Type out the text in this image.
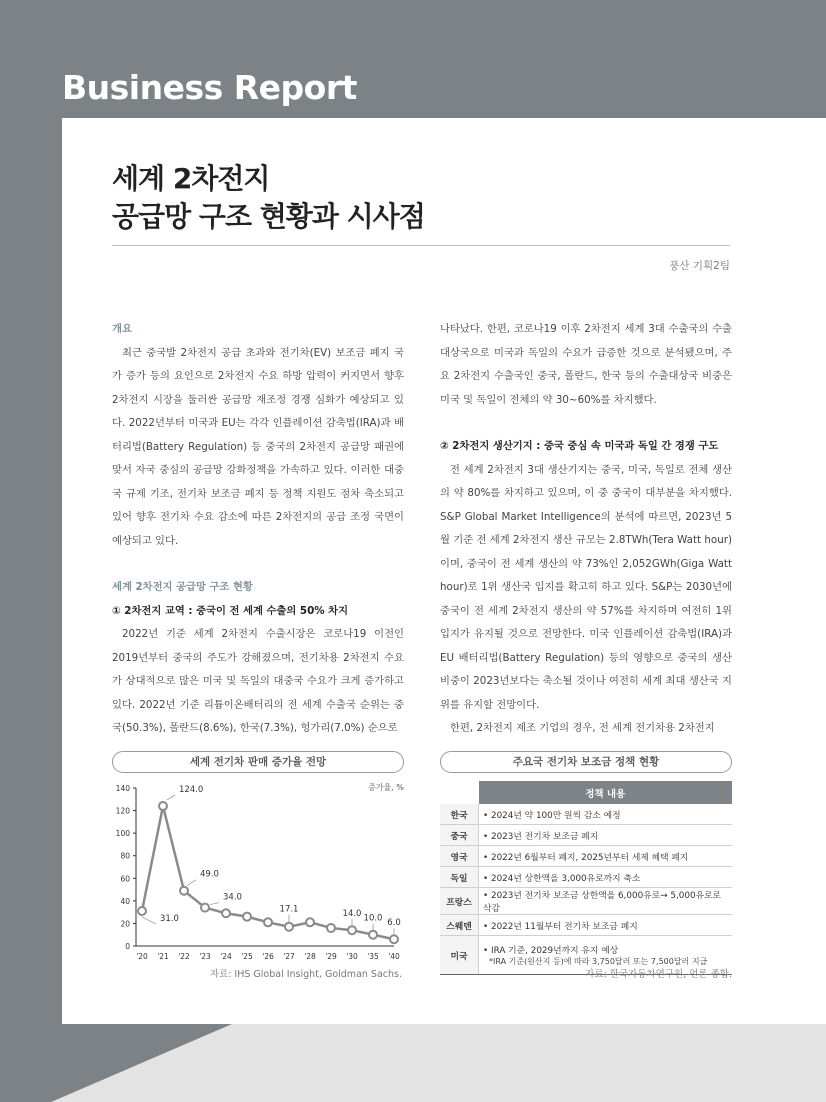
Business Report
세계 2차전지
공급망 구조 현황과 시사점
풍산 기획2팀
개요

최근 중국발 2차전지 공급 초과와 전기차(EV) 보조금 폐지 국가 증가 등의 요인으로 2차전지 수요 하방 압력이 커지면서 향후 2차전지 시장을 둘러싼 공급망 재조정 경쟁 심화가 예상되고 있다. 2022년부터 미국과 EU는 각각 인플레이션 감축법(IRA)과 배터리법(Battery Regulation) 등 중국의 2차전지 공급망 패권에 맞서 자국 중심의 공급망 강화정책을 가속하고 있다. 이러한 대중국 규제 기조, 전기차 보조금 폐지 등 정책 지원도 점차 축소되고 있어 향후 전기차 수요 감소에 따른 2차전지의 공급 조정 국면이 예상되고 있다.

세계 2차전지 공급망 구조 현황
① 2차전지 교역 : 중국이 전 세계 수출의 50% 차지

2022년 기준 세계 2차전지 수출시장은 코로나19 이전인 2019년부터 중국의 주도가 강해졌으며, 전기차용 2차전지 수요가 상대적으로 많은 미국 및 독일의 대중국 수요가 크게 증가하고 있다. 2022년 기준 리튬이온배터리의 전 세계 수출국 순위는 중국(50.3%), 폴란드(8.6%), 한국(7.3%), 헝가리(7.0%) 순으로

나타났다. 한편, 코로나19 이후 2차전지 세계 3대 수출국의 수출대상국으로 미국과 독일의 수요가 급증한 것으로 분석됐으며, 주요 2차전지 수출국인 중국, 폴란드, 한국 등의 수출대상국 비중은 미국 및 독일이 전체의 약 30~60%를 차지했다.

② 2차전지 생산기지 : 중국 중심 속 미국과 독일 간 경쟁 구도

전 세계 2차전지 3대 생산기지는 중국, 미국, 독일로 전체 생산의 약 80%를 차지하고 있으며, 이 중 중국이 대부분을 차지했다. S&P Global Market Intelligence의 분석에 따르면, 2023년 5월 기준 전 세계 2차전지 생산 규모는 2.8TWh(Tera Watt hour)이며, 중국이 전 세계 생산의 약 73%인 2,052GWh(Giga Watt hour)로 1위 생산국 입지를 확고히 하고 있다. S&P는 2030년에 중국이 전 세계 2차전지 생산의 약 57%를 차지하며 여전히 1위 입지가 유지될 것으로 전망한다. 미국 인플레이션 감축법(IRA)과 EU 배터리법(Battery Regulation) 등의 영향으로 중국의 생산 비중이 2023년보다는 축소될 것이나 여전히 세계 최대 생산국 지위를 유지할 전망이다.

한편, 2차전지 제조 기업의 경우, 전 세계 전기차용 2차전지

세계 전기차 판매 증가율 전망
증가율, %
0
20
40
60
80
100
120
140
'20 '21 '22 '23 '24 '25 '26 '27 '28 '29 '30 '35 '40
31.0
124.0
49.0
34.0
17.1	14.0 10.0 6.0
자료: IHS Global Insight, Goldman Sachs.
주요국 전기차 보조금 정책 현황
	정책 내용
한국	• 2024년 약 100만 원씩 감소 예정
중국	• 2023년 전기차 보조금 폐지
영국	• 2022년 6월부터 폐지, 2025년부터 세제 혜택 폐지
독일	• 2024년 상한액을 3,000유로까지 축소
프랑스	• 2023년 전기차 보조금 상한액을 6,000유로→ 5,000유로로 삭감
스웨덴	• 2022년 11월부터 전기차 보조금 폐지
미국	• IRA 기준, 2029년까지 유지 예상
*IRA 기준(원산지 등)에 따라 3,750달러 또는 7,500달러 지급
자료: 한국자동차연구원, 언론 종합.
